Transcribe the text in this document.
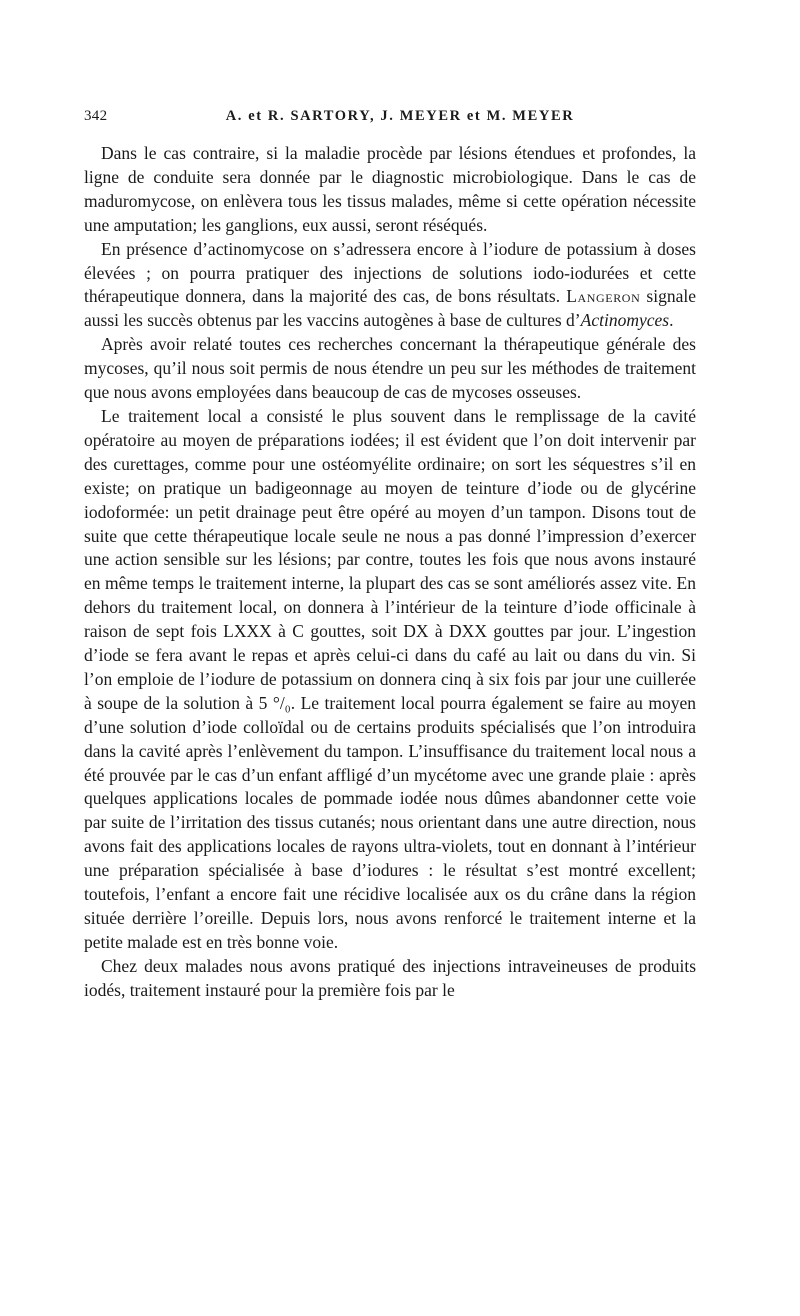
342	A. et R. SARTORY, J. MEYER et M. MEYER

Dans le cas contraire, si la maladie procède par lésions étendues et profondes, la ligne de conduite sera donnée par le diagnostic microbiologique. Dans le cas de maduromycose, on enlèvera tous les tissus malades, même si cette opération nécessite une amputation; les ganglions, eux aussi, seront réséqués.

En présence d’actinomycose on s’adressera encore à l’iodure de potassium à doses élevées ; on pourra pratiquer des injections de solutions iodo-iodurées et cette thérapeutique donnera, dans la majorité des cas, de bons résultats. Langeron signale aussi les succès obtenus par les vaccins autogènes à base de cultures d’Actinomyces.

Après avoir relaté toutes ces recherches concernant la thérapeutique générale des mycoses, qu’il nous soit permis de nous étendre un peu sur les méthodes de traitement que nous avons employées dans beaucoup de cas de mycoses osseuses.

Le traitement local a consisté le plus souvent dans le remplissage de la cavité opératoire au moyen de préparations iodées; il est évident que l’on doit intervenir par des curettages, comme pour une ostéomyélite ordinaire; on sort les séquestres s’il en existe; on pratique un badigeonnage au moyen de teinture d’iode ou de glycérine iodoformée: un petit drainage peut être opéré au moyen d’un tampon. Disons tout de suite que cette thérapeutique locale seule ne nous a pas donné l’impression d’exercer une action sensible sur les lésions; par contre, toutes les fois que nous avons instauré en même temps le traitement interne, la plupart des cas se sont améliorés assez vite. En dehors du traitement local, on donnera à l’intérieur de la teinture d’iode officinale à raison de sept fois LXXX à C gouttes, soit DX à DXX gouttes par jour. L’ingestion d’iode se fera avant le repas et après celui-ci dans du café au lait ou dans du vin. Si l’on emploie de l’iodure de potassium on donnera cinq à six fois par jour une cuillerée à soupe de la solution à 5 °/₀. Le traitement local pourra également se faire au moyen d’une solution d’iode colloïdal ou de certains produits spécialisés que l’on introduira dans la cavité après l’enlèvement du tampon. L’insuffisance du traitement local nous a été prouvée par le cas d’un enfant affligé d’un mycétome avec une grande plaie : après quelques applications locales de pommade iodée nous dûmes abandonner cette voie par suite de l’irritation des tissus cutanés; nous orientant dans une autre direction, nous avons fait des applications locales de rayons ultra-violets, tout en donnant à l’intérieur une préparation spécialisée à base d’iodures : le résultat s’est montré excellent; toutefois, l’enfant a encore fait une récidive localisée aux os du crâne dans la région située derrière l’oreille. Depuis lors, nous avons renforcé le traitement interne et la petite malade est en très bonne voie.

Chez deux malades nous avons pratiqué des injections intraveineuses de produits iodés, traitement instauré pour la première fois par le
